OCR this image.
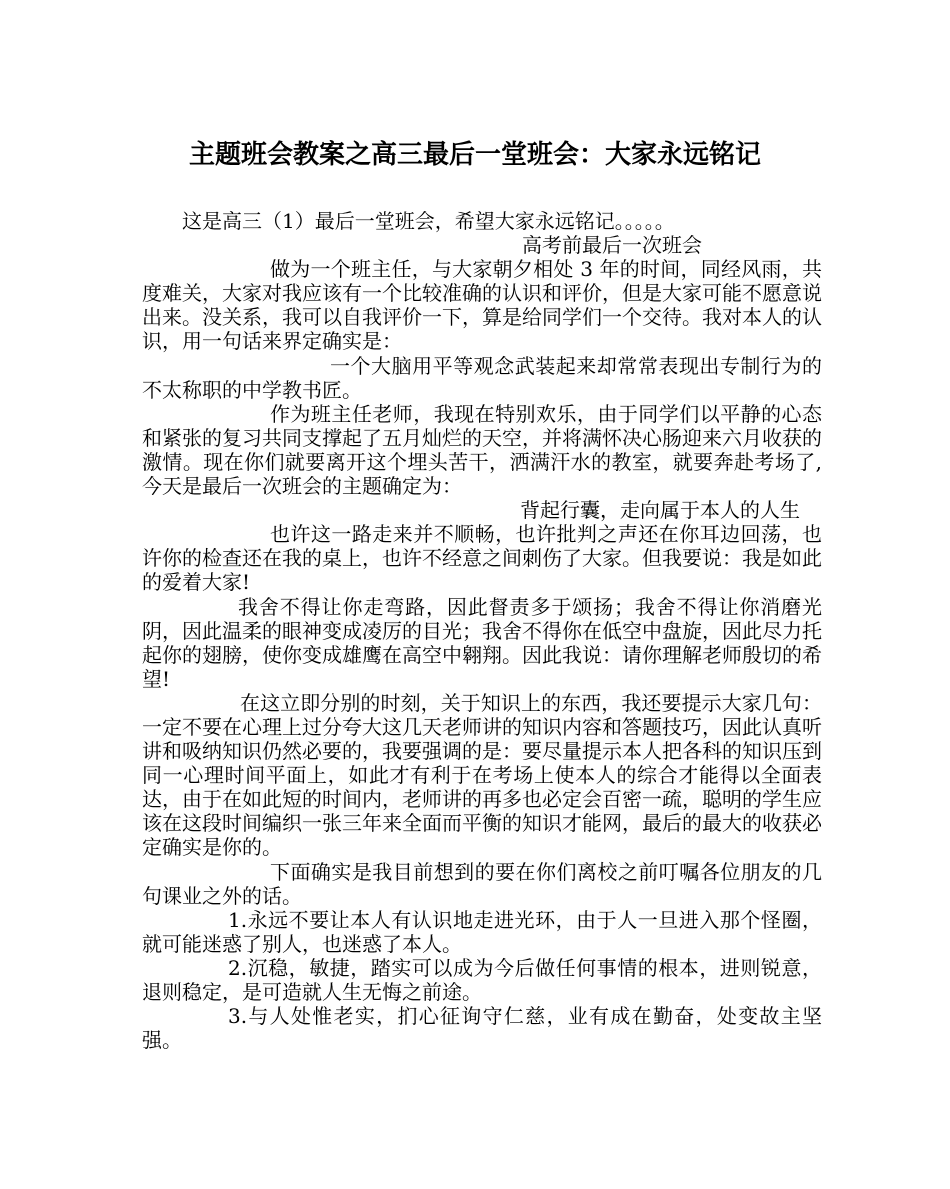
主题班会教案之高三最后一堂班会：大家永远铭记

这是高三（1）最后一堂班会，希望大家永远铭记。。。。。

高考前最后一次班会

做为一个班主任，与大家朝夕相处 3 年的时间，同经风雨，共度难关，大家对我应该有一个比较准确的认识和评价，但是大家可能不愿意说出来。没关系，我可以自我评价一下，算是给同学们一个交待。我对本人的认识，用一句话来界定确实是：

一个大脑用平等观念武装起来却常常表现出专制行为的不太称职的中学教书匠。

作为班主任老师，我现在特别欢乐，由于同学们以平静的心态和紧张的复习共同支撑起了五月灿烂的天空，并将满怀决心肠迎来六月收获的激情。现在你们就要离开这个埋头苦干，洒满汗水的教室，就要奔赴考场了,今天是最后一次班会的主题确定为：

背起行囊，走向属于本人的人生

也许这一路走来并不顺畅，也许批判之声还在你耳边回荡，也许你的检查还在我的桌上，也许不经意之间刺伤了大家。但我要说：我是如此的爱着大家!

我舍不得让你走弯路，因此督责多于颂扬；我舍不得让你消磨光阴，因此温柔的眼神变成凌厉的目光；我舍不得你在低空中盘旋，因此尽力托起你的翅膀，使你变成雄鹰在高空中翱翔。因此我说：请你理解老师殷切的希望!

在这立即分别的时刻，关于知识上的东西，我还要提示大家几句：一定不要在心理上过分夸大这几天老师讲的知识内容和答题技巧，因此认真听讲和吸纳知识仍然必要的，我要强调的是：要尽量提示本人把各科的知识压到同一心理时间平面上，如此才有利于在考场上使本人的综合才能得以全面表达，由于在如此短的时间内，老师讲的再多也必定会百密一疏，聪明的学生应该在这段时间编织一张三年来全面而平衡的知识才能网，最后的最大的收获必定确实是你的。

下面确实是我目前想到的要在你们离校之前叮嘱各位朋友的几句课业之外的话。

1.永远不要让本人有认识地走进光环，由于人一旦进入那个怪圈，就可能迷惑了别人，也迷惑了本人。

2.沉稳，敏捷，踏实可以成为今后做任何事情的根本，进则锐意，退则稳定，是可造就人生无悔之前途。

3.与人处惟老实，扪心征询守仁慈，业有成在勤奋，处变故主坚强。
